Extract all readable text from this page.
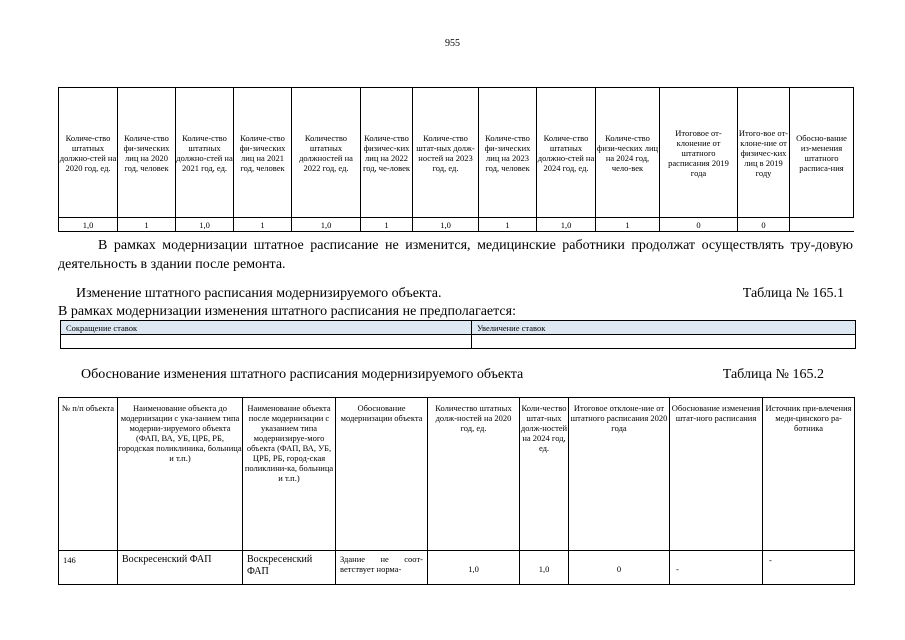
955
Количе-ство штатных должно-стей на 2020 год, ед.	Количе-ство фи-зических лиц на 2020 год, человек	Количе-ство штатных должно-стей на 2021 год, ед.	Количе-ство фи-зических лиц на 2021 год, человек	Количество штатных должностей на 2022 год, ед.	Количе-ство физичес-ких лиц на 2022 год, че-ловек	Количе-ство штат-ных долж-ностей на 2023 год, ед.	Количе-ство фи-зических лиц на 2023 год, человек	Количе-ство штатных должно-стей на 2024 год, ед.	Количе-ство физи-ческих лиц на 2024 год, чело-век	Итоговое от-клонение от штатного расписания 2019 года	Итого-вое от-клоне-ние от физичес-ких лиц в 2019 году	Обосно-вание из-менения штатного расписа-ния
1,0	1	1,0	1	1,0	1	1,0	1	1,0	1	0	0	
В рамках модернизации штатное расписание не изменится, медицинские работники продолжат осуществлять тру-довую деятельность в здании после ремонта.
Изменение штатного расписания модернизируемого объекта.	Таблица № 165.1
В рамках модернизации изменения штатного расписания не предполагается:
Сокращение ставок	Увеличение ставок

Обоснование изменения штатного расписания модернизируемого объекта	Таблица № 165.2
№ п/п объекта	Наименование объекта до модернизации с ука-занием типа модерни-зируемого объекта (ФАП, ВА, УБ, ЦРБ, РБ, городская поликлиника, больница и т.п.)	Наименование объекта после модернизации с указанием типа модернизируе-мого объекта (ФАП, ВА, УБ, ЦРБ, РБ, город-ская поликлини-ка, больница и т.п.)	Обоснование модернизации объекта	Количество штатных долж-ностей на 2020 год, ед.	Коли-чество штат-ных долж-ностей на 2024 год, ед.	Итоговое отклоне-ние от штатного расписания 2020 года	Обоснование изменения штат-ного расписания	Источник при-влечения меди-цинского ра-ботника
146	Воскресенский ФАП	Воскресенский ФАП	Здание не соот-ветствует норма-	1,0	1,0	0	-	-
